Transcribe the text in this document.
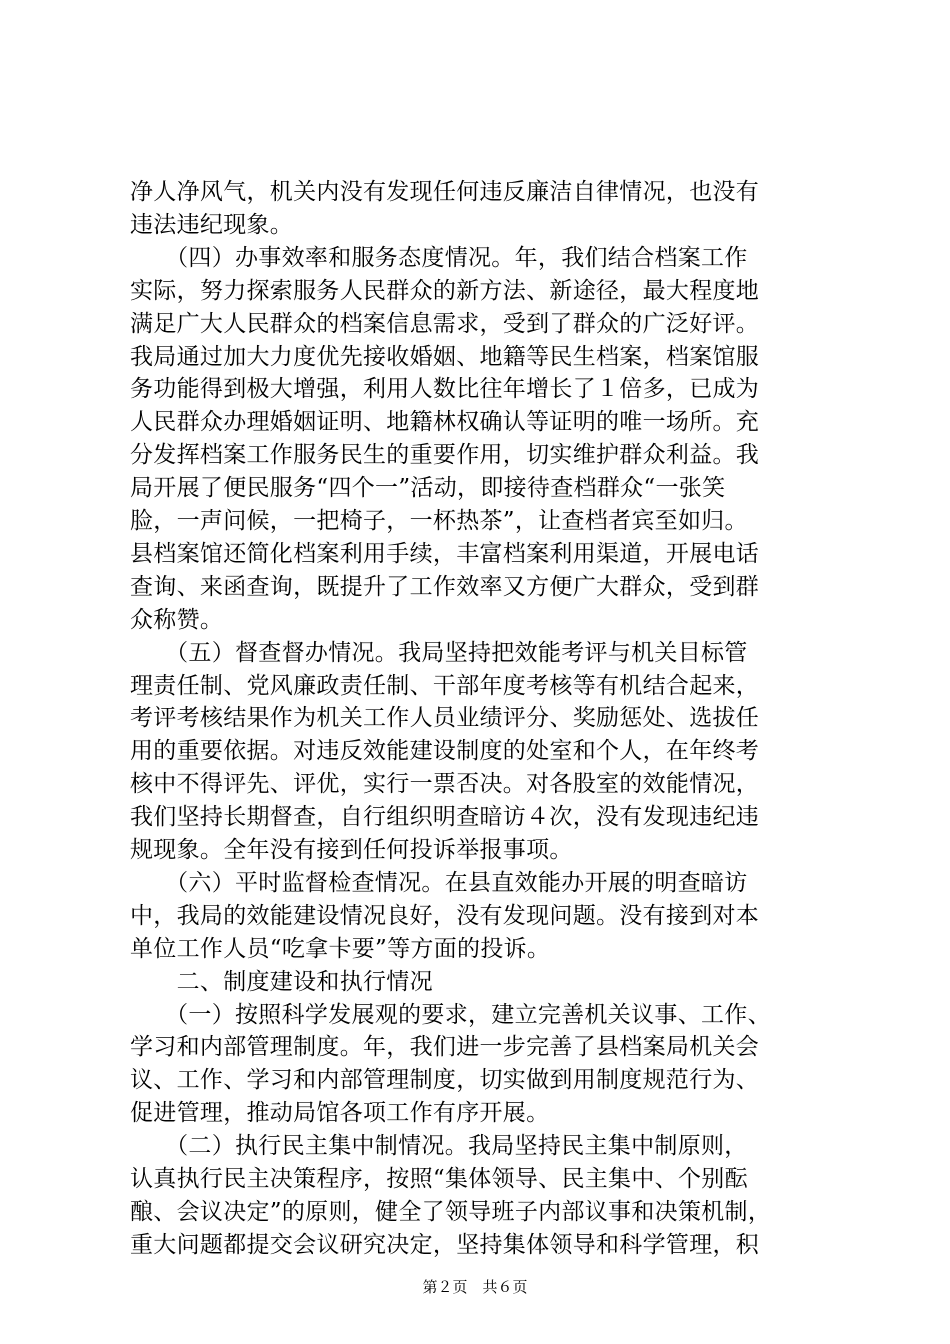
净人净风气，机关内没有发现任何违反廉洁自律情况，也没有
违法违纪现象。
　　（四）办事效率和服务态度情况。年，我们结合档案工作
实际，努力探索服务人民群众的新方法、新途径，最大程度地
满足广大人民群众的档案信息需求，受到了群众的广泛好评。
我局通过加大力度优先接收婚姻、地籍等民生档案，档案馆服
务功能得到极大增强，利用人数比往年增长了１倍多，已成为
人民群众办理婚姻证明、地籍林权确认等证明的唯一场所。充
分发挥档案工作服务民生的重要作用，切实维护群众利益。我
局开展了便民服务“四个一”活动，即接待查档群众“一张笑
脸，一声问候，一把椅子，一杯热茶”，让查档者宾至如归。
县档案馆还简化档案利用手续，丰富档案利用渠道，开展电话
查询、来函查询，既提升了工作效率又方便广大群众，受到群
众称赞。
　　（五）督查督办情况。我局坚持把效能考评与机关目标管
理责任制、党风廉政责任制、干部年度考核等有机结合起来，
考评考核结果作为机关工作人员业绩评分、奖励惩处、选拔任
用的重要依据。对违反效能建设制度的处室和个人，在年终考
核中不得评先、评优，实行一票否决。对各股室的效能情况，
我们坚持长期督查，自行组织明查暗访４次，没有发现违纪违
规现象。全年没有接到任何投诉举报事项。
　　（六）平时监督检查情况。在县直效能办开展的明查暗访
中，我局的效能建设情况良好，没有发现问题。没有接到对本
单位工作人员“吃拿卡要”等方面的投诉。
　　二、制度建设和执行情况
　　（一）按照科学发展观的要求，建立完善机关议事、工作、
学习和内部管理制度。年，我们进一步完善了县档案局机关会
议、工作、学习和内部管理制度，切实做到用制度规范行为、
促进管理，推动局馆各项工作有序开展。
　　（二）执行民主集中制情况。我局坚持民主集中制原则，
认真执行民主决策程序，按照“集体领导、民主集中、个别酝
酿、会议决定”的原则，健全了领导班子内部议事和决策机制，
重大问题都提交会议研究决定，坚持集体领导和科学管理，积
第２页　共６页
